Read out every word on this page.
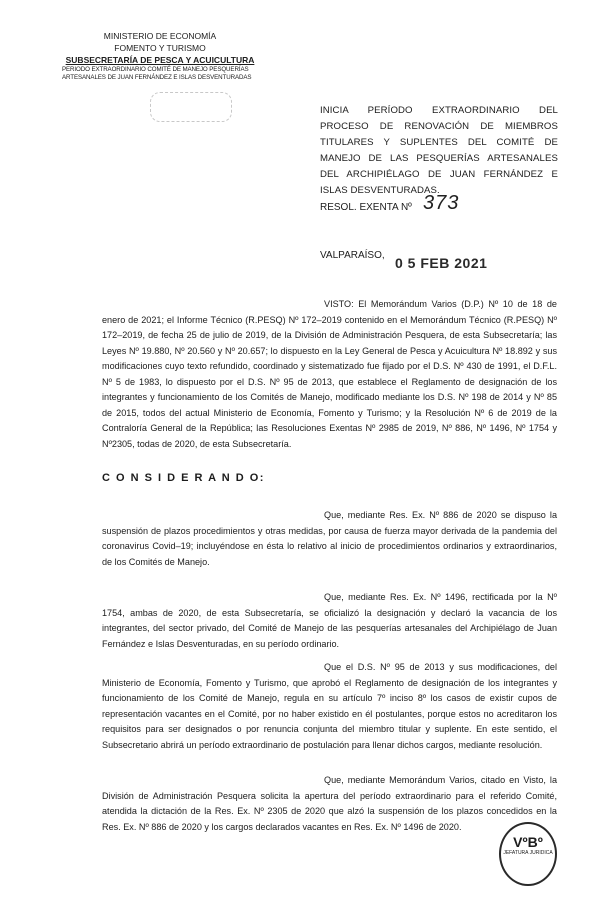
MINISTERIO DE ECONOMÍA
FOMENTO Y TURISMO
SUBSECRETARÍA DE PESCA Y ACUICULTURA
PERIODO EXTRAORDINARIO COMITÉ DE MANEJO PESQUERÍAS
ARTESANALES DE JUAN FERNÁNDEZ E ISLAS DESVENTURADAS
INICIA PERÍODO EXTRAORDINARIO DEL PROCESO DE RENOVACIÓN DE MIEMBROS TITULARES Y SUPLENTES DEL COMITÉ DE MANEJO DE LAS PESQUERÍAS ARTESANALES DEL ARCHIPIÉLAGO DE JUAN FERNÁNDEZ E ISLAS DESVENTURADAS.
RESOL. EXENTA Nº 373
VALPARAÍSO, 0 5 FEB 2021
VISTO: El Memorándum Varios (D.P.) Nº 10 de 18 de enero de 2021; el Informe Técnico (R.PESQ) Nº 172–2019 contenido en el Memorándum Técnico (R.PESQ) Nº 172–2019, de fecha 25 de julio de 2019, de la División de Administración Pesquera, de esta Subsecretaría; las Leyes Nº 19.880, Nº 20.560 y Nº 20.657; lo dispuesto en la Ley General de Pesca y Acuicultura Nº 18.892 y sus modificaciones cuyo texto refundido, coordinado y sistematizado fue fijado por el D.S. Nº 430 de 1991, el D.F.L. Nº 5 de 1983, lo dispuesto por el D.S. Nº 95 de 2013, que establece el Reglamento de designación de los integrantes y funcionamiento de los Comités de Manejo, modificado mediante los D.S. Nº 198 de 2014 y Nº 85 de 2015, todos del actual Ministerio de Economía, Fomento y Turismo; y la Resolución Nº 6 de 2019 de la Contraloría General de la República; las Resoluciones Exentas Nº 2985 de 2019, Nº 886, Nº 1496, Nº 1754 y Nº2305, todas de 2020, de esta Subsecretaría.
C O N S I D E R A N D O:
Que, mediante Res. Ex. Nº 886 de 2020 se dispuso la suspensión de plazos procedimientos y otras medidas, por causa de fuerza mayor derivada de la pandemia del coronavirus Covid–19; incluyéndose en ésta lo relativo al inicio de procedimientos ordinarios y extraordinarios, de los Comités de Manejo.
Que, mediante Res. Ex. Nº 1496, rectificada por la Nº 1754, ambas de 2020, de esta Subsecretaría, se oficializó la designación y declaró la vacancia de los integrantes, del sector privado, del Comité de Manejo de las pesquerías artesanales del Archipiélago de Juan Fernández e Islas Desventuradas, en su período ordinario.
Que el D.S. Nº 95 de 2013 y sus modificaciones, del Ministerio de Economía, Fomento y Turismo, que aprobó el Reglamento de designación de los integrantes y funcionamiento de los Comité de Manejo, regula en su artículo 7º inciso 8º los casos de existir cupos de representación vacantes en el Comité, por no haber existido en él postulantes, porque estos no acreditaron los requisitos para ser designados o por renuncia conjunta del miembro titular y suplente. En este sentido, el Subsecretario abrirá un período extraordinario de postulación para llenar dichos cargos, mediante resolución.
Que, mediante Memorándum Varios, citado en Visto, la División de Administración Pesquera solicita la apertura del período extraordinario para el referido Comité, atendida la dictación de la Res. Ex. Nº 2305 de 2020 que alzó la suspensión de los plazos concedidos en la Res. Ex. Nº 886 de 2020 y los cargos declarados vacantes en Res. Ex. Nº 1496 de 2020.
VºBº
JEFATURA JURIDICA
